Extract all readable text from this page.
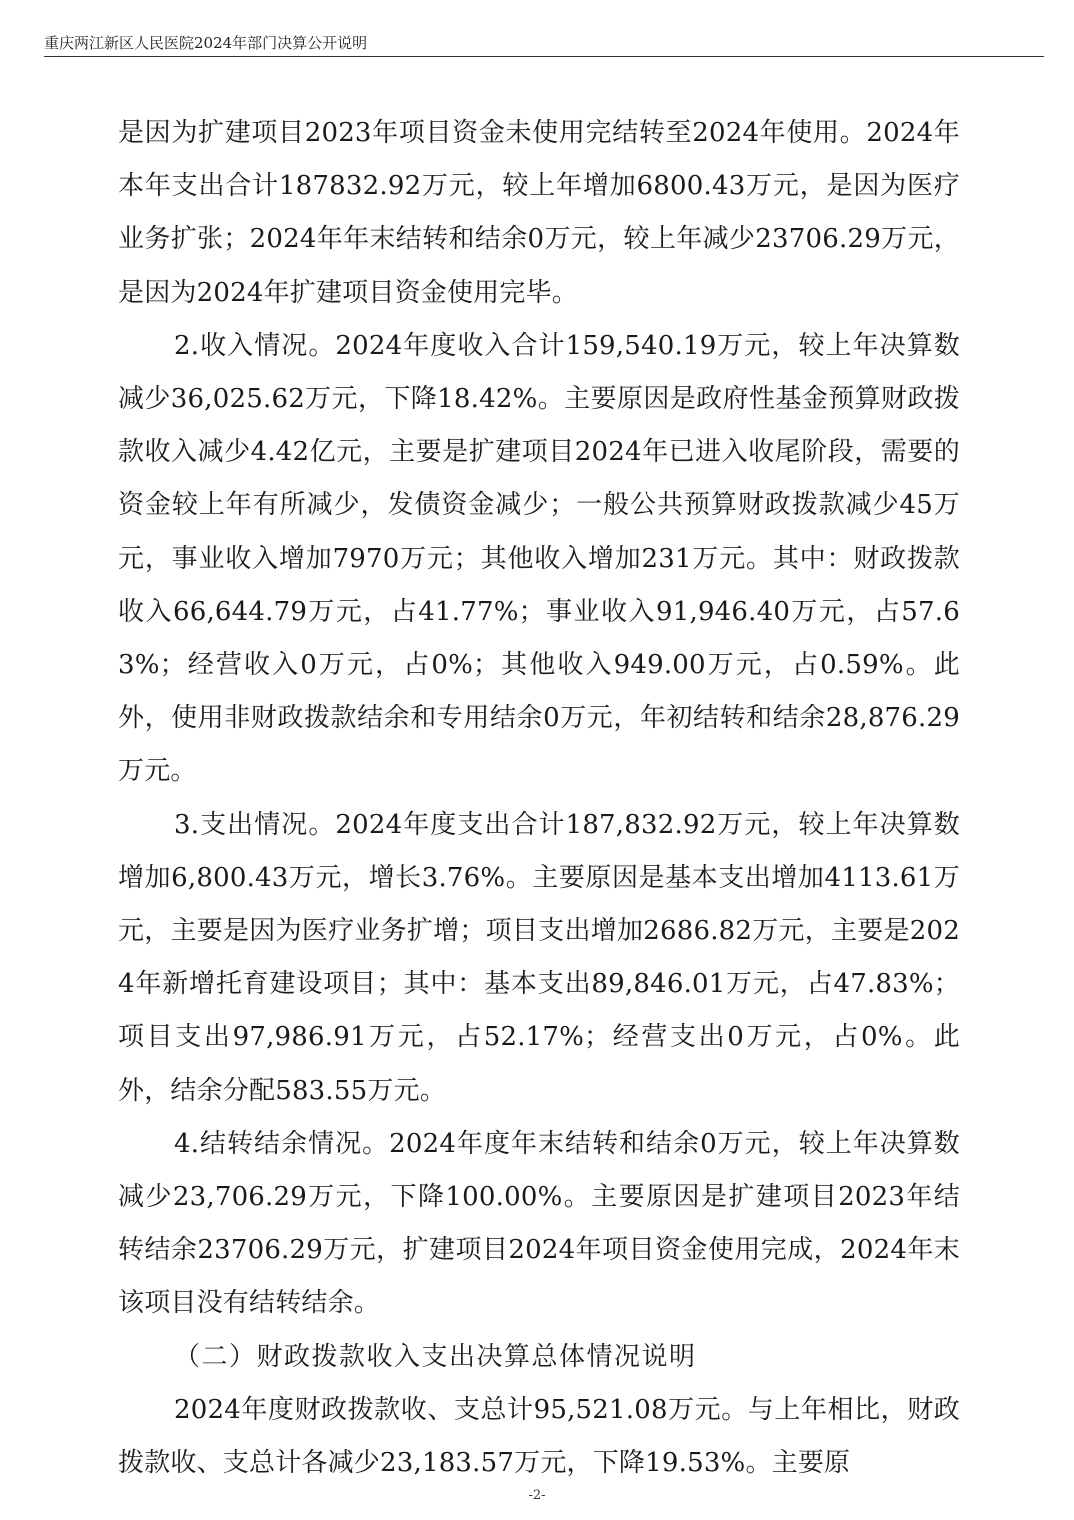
重庆两江新区人民医院2024年部门决算公开说明

是因为扩建项目2023年项目资金未使用完结转至2024年使用。2024年本年支出合计187832.92万元，较上年增加6800.43万元，是因为医疗业务扩张；2024年年末结转和结余0万元，较上年减少23706.29万元，是因为2024年扩建项目资金使用完毕。

2.收入情况。2024年度收入合计159,540.19万元，较上年决算数减少36,025.62万元，下降18.42%。主要原因是政府性基金预算财政拨款收入减少4.42亿元，主要是扩建项目2024年已进入收尾阶段，需要的资金较上年有所减少，发债资金减少；一般公共预算财政拨款减少45万元，事业收入增加7970万元；其他收入增加231万元。其中：财政拨款收入66,644.79万元，占41.77%；事业收入91,946.40万元，占57.63%；经营收入0万元，占0%；其他收入949.00万元，占0.59%。此外，使用非财政拨款结余和专用结余0万元，年初结转和结余28,876.29万元。

3.支出情况。2024年度支出合计187,832.92万元，较上年决算数增加6,800.43万元，增长3.76%。主要原因是基本支出增加4113.61万元，主要是因为医疗业务扩增；项目支出增加2686.82万元，主要是2024年新增托育建设项目；其中：基本支出89,846.01万元，占47.83%；项目支出97,986.91万元，占52.17%；经营支出0万元，占0%。此外，结余分配583.55万元。

4.结转结余情况。2024年度年末结转和结余0万元，较上年决算数减少23,706.29万元，下降100.00%。主要原因是扩建项目2023年结转结余23706.29万元，扩建项目2024年项目资金使用完成，2024年末该项目没有结转结余。

（二）财政拨款收入支出决算总体情况说明

2024年度财政拨款收、支总计95,521.08万元。与上年相比，财政拨款收、支总计各减少23,183.57万元，下降19.53%。主要原

-2-
